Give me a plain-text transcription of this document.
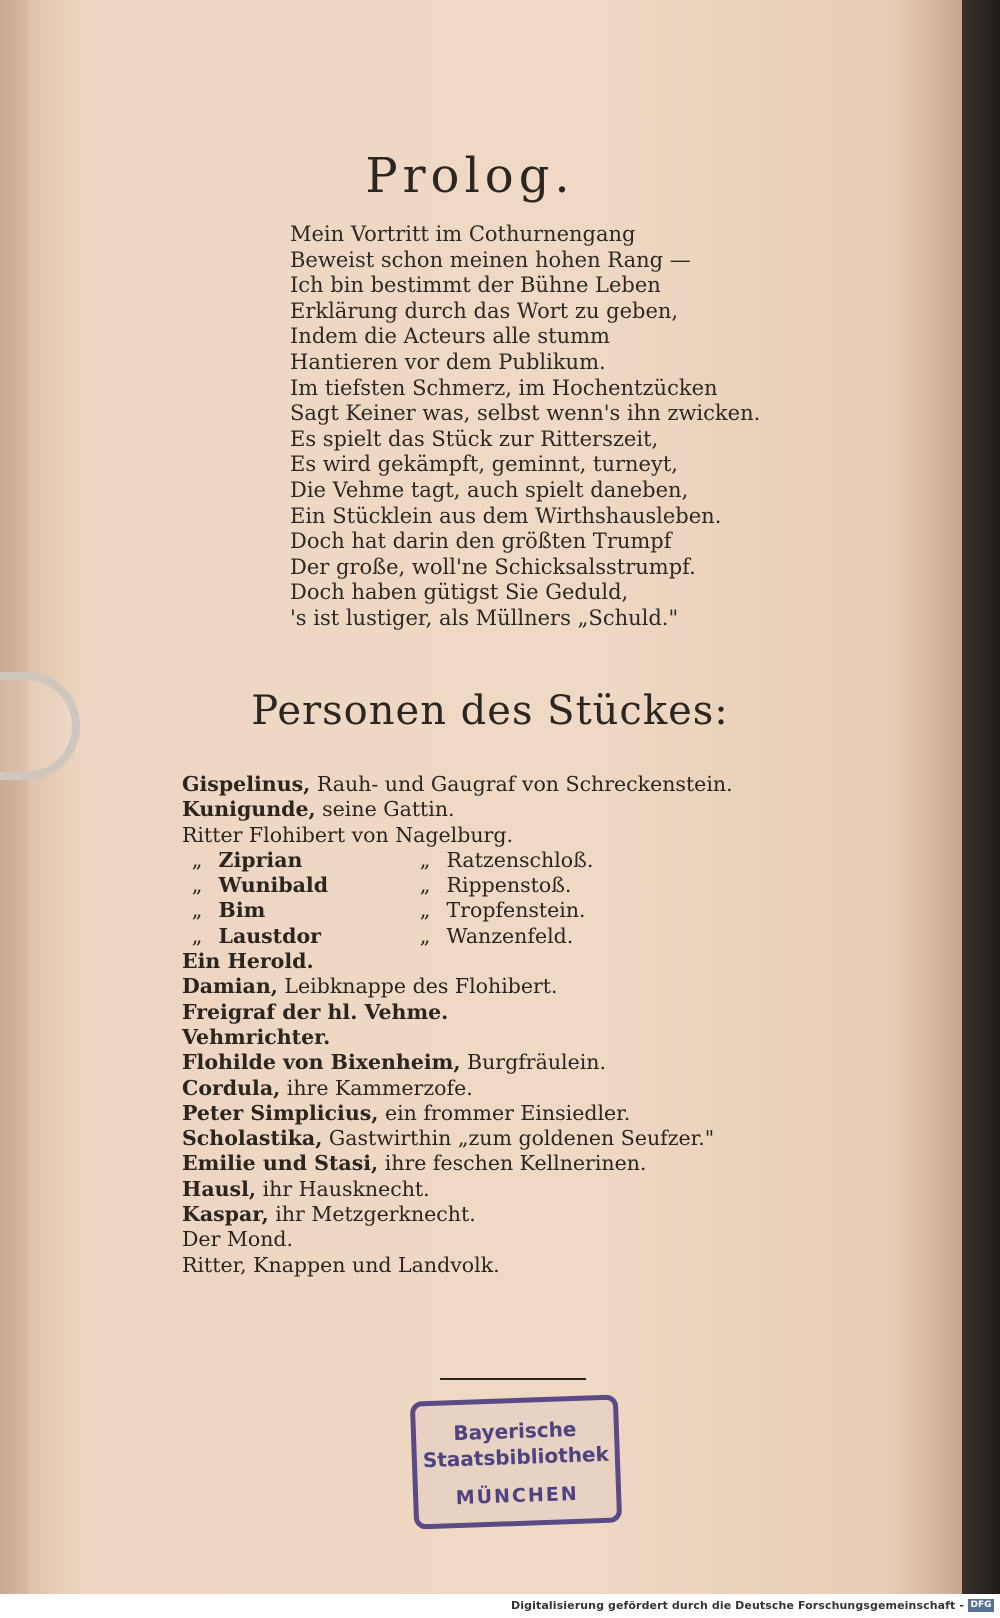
Prolog.
Mein Vortritt im Cothurnengang
Beweist schon meinen hohen Rang —
Ich bin bestimmt der Bühne Leben
Erklärung durch das Wort zu geben,
Indem die Acteurs alle stumm
Hantieren vor dem Publikum.
Im tiefsten Schmerz, im Hochentzücken
Sagt Keiner was, selbst wenn's ihn zwicken.
Es spielt das Stück zur Ritterszeit,
Es wird gekämpft, geminnt, turneyt,
Die Vehme tagt, auch spielt daneben,
Ein Stücklein aus dem Wirthshausleben.
Doch hat darin den größten Trumpf
Der große, woll'ne Schicksalsstrumpf.
Doch haben gütigst Sie Geduld,
's ist lustiger, als Müllners „Schuld."
Personen des Stückes:
Gispelinus, Rauh- und Gaugraf von Schreckenstein.
Kunigunde, seine Gattin.
Ritter Flohibert von Nagelburg.
„ Ziprian	„ Ratzenschloß.
„ Wunibald	„ Rippenstoß.
„ Bim	„ Tropfenstein.
„ Laustdor	„ Wanzenfeld.
Ein Herold.
Damian, Leibknappe des Flohibert.
Freigraf der hl. Vehme.
Vehmrichter.
Flohilde von Bixenheim, Burgfräulein.
Cordula, ihre Kammerzofe.
Peter Simplicius, ein frommer Einsiedler.
Scholastika, Gastwirthin „zum goldenen Seufzer."
Emilie und Stasi, ihre feschen Kellnerinen.
Hausl, ihr Hausknecht.
Kaspar, ihr Metzgerknecht.
Der Mond.
Ritter, Knappen und Landvolk.
Bayerische
Staatsbibliothek
MÜNCHEN
Digitalisierung gefördert durch die Deutsche Forschungsgemeinschaft - DFG
